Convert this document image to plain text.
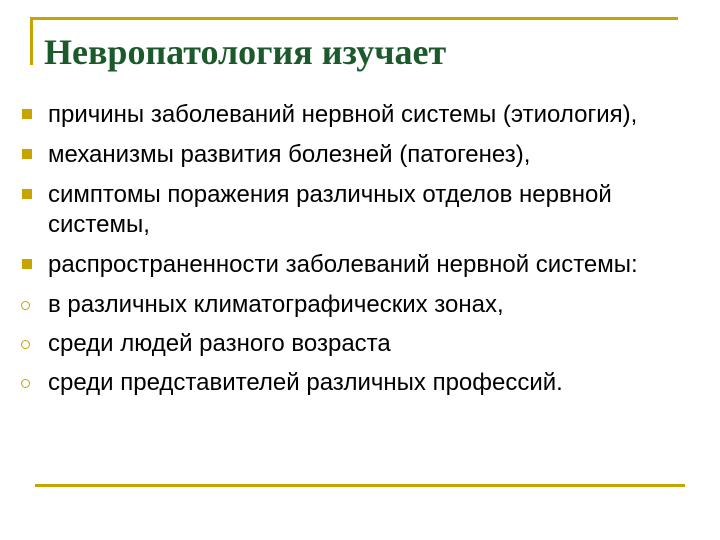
Невропатология изучает
причины заболеваний нервной системы (этиология),
механизмы развития болезней (патогенез),
симптомы поражения различных отделов нервной системы,
распространенности заболеваний нервной системы:
в различных климатографических зонах,
среди людей разного возраста
среди представителей различных профессий.
